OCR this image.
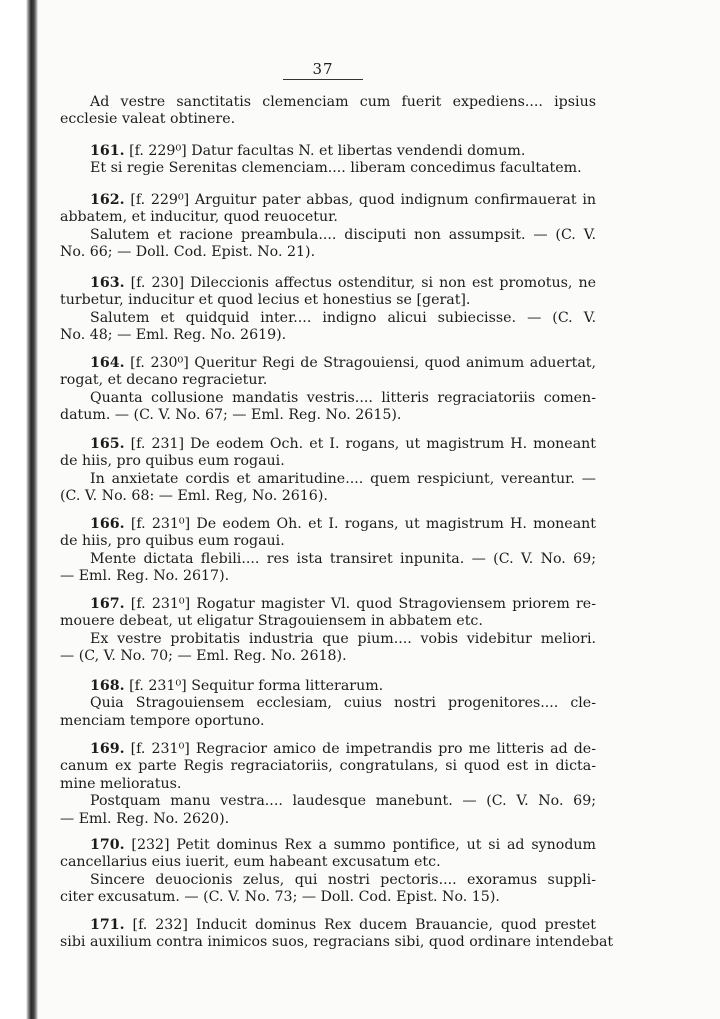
37
Ad vestre sanctitatis clemenciam cum fuerit expediens.... ipsius
ecclesie valeat obtinere.
161. [f. 229⁰] Datur facultas N. et libertas vendendi domum.
Et si regie Serenitas clemenciam.... liberam concedimus facultatem.
162. [f. 229⁰] Arguitur pater abbas, quod indignum confirmauerat in
abbatem, et inducitur, quod reuocetur.
Salutem et racione preambula.... disciputi non assumpsit. — (C. V.
No. 66; — Doll. Cod. Epist. No. 21).
163. [f. 230] Dileccionis affectus ostenditur, si non est promotus, ne
turbetur, inducitur et quod lecius et honestius se [gerat].
Salutem et quidquid inter.... indigno alicui subiecisse. — (C. V.
No. 48; — Eml. Reg. No. 2619).
164. [f. 230⁰] Queritur Regi de Stragouiensi, quod animum aduertat,
rogat, et decano regracietur.
Quanta collusione mandatis vestris.... litteris regraciatoriis comen-
datum. — (C. V. No. 67; — Eml. Reg. No. 2615).
165. [f. 231] De eodem Och. et I. rogans, ut magistrum H. moneant
de hiis, pro quibus eum rogaui.
In anxietate cordis et amaritudine.... quem respiciunt, vereantur. —
(C. V. No. 68: — Eml. Reg, No. 2616).
166. [f. 231⁰] De eodem Oh. et I. rogans, ut magistrum H. moneant
de hiis, pro quibus eum rogaui.
Mente dictata flebili.... res ista transiret inpunita. — (C. V. No. 69;
— Eml. Reg. No. 2617).
167. [f. 231⁰] Rogatur magister Vl. quod Stragoviensem priorem re-
mouere debeat, ut eligatur Stragouiensem in abbatem etc.
Ex vestre probitatis industria que pium.... vobis videbitur meliori.
— (C, V. No. 70; — Eml. Reg. No. 2618).
168. [f. 231⁰] Sequitur forma litterarum.
Quia Stragouiensem ecclesiam, cuius nostri progenitores.... cle-
menciam tempore oportuno.
169. [f. 231⁰] Regracior amico de impetrandis pro me litteris ad de-
canum ex parte Regis regraciatoriis, congratulans, si quod est in dicta-
mine melioratus.
Postquam manu vestra.... laudesque manebunt. — (C. V. No. 69;
— Eml. Reg. No. 2620).
170. [232] Petit dominus Rex a summo pontifice, ut si ad synodum
cancellarius eius iuerit, eum habeant excusatum etc.
Sincere deuocionis zelus, qui nostri pectoris.... exoramus suppli-
citer excusatum. — (C. V. No. 73; — Doll. Cod. Epist. No. 15).
171. [f. 232] Inducit dominus Rex ducem Brauancie, quod prestet
sibi auxilium contra inimicos suos, regracians sibi, quod ordinare intendebat
